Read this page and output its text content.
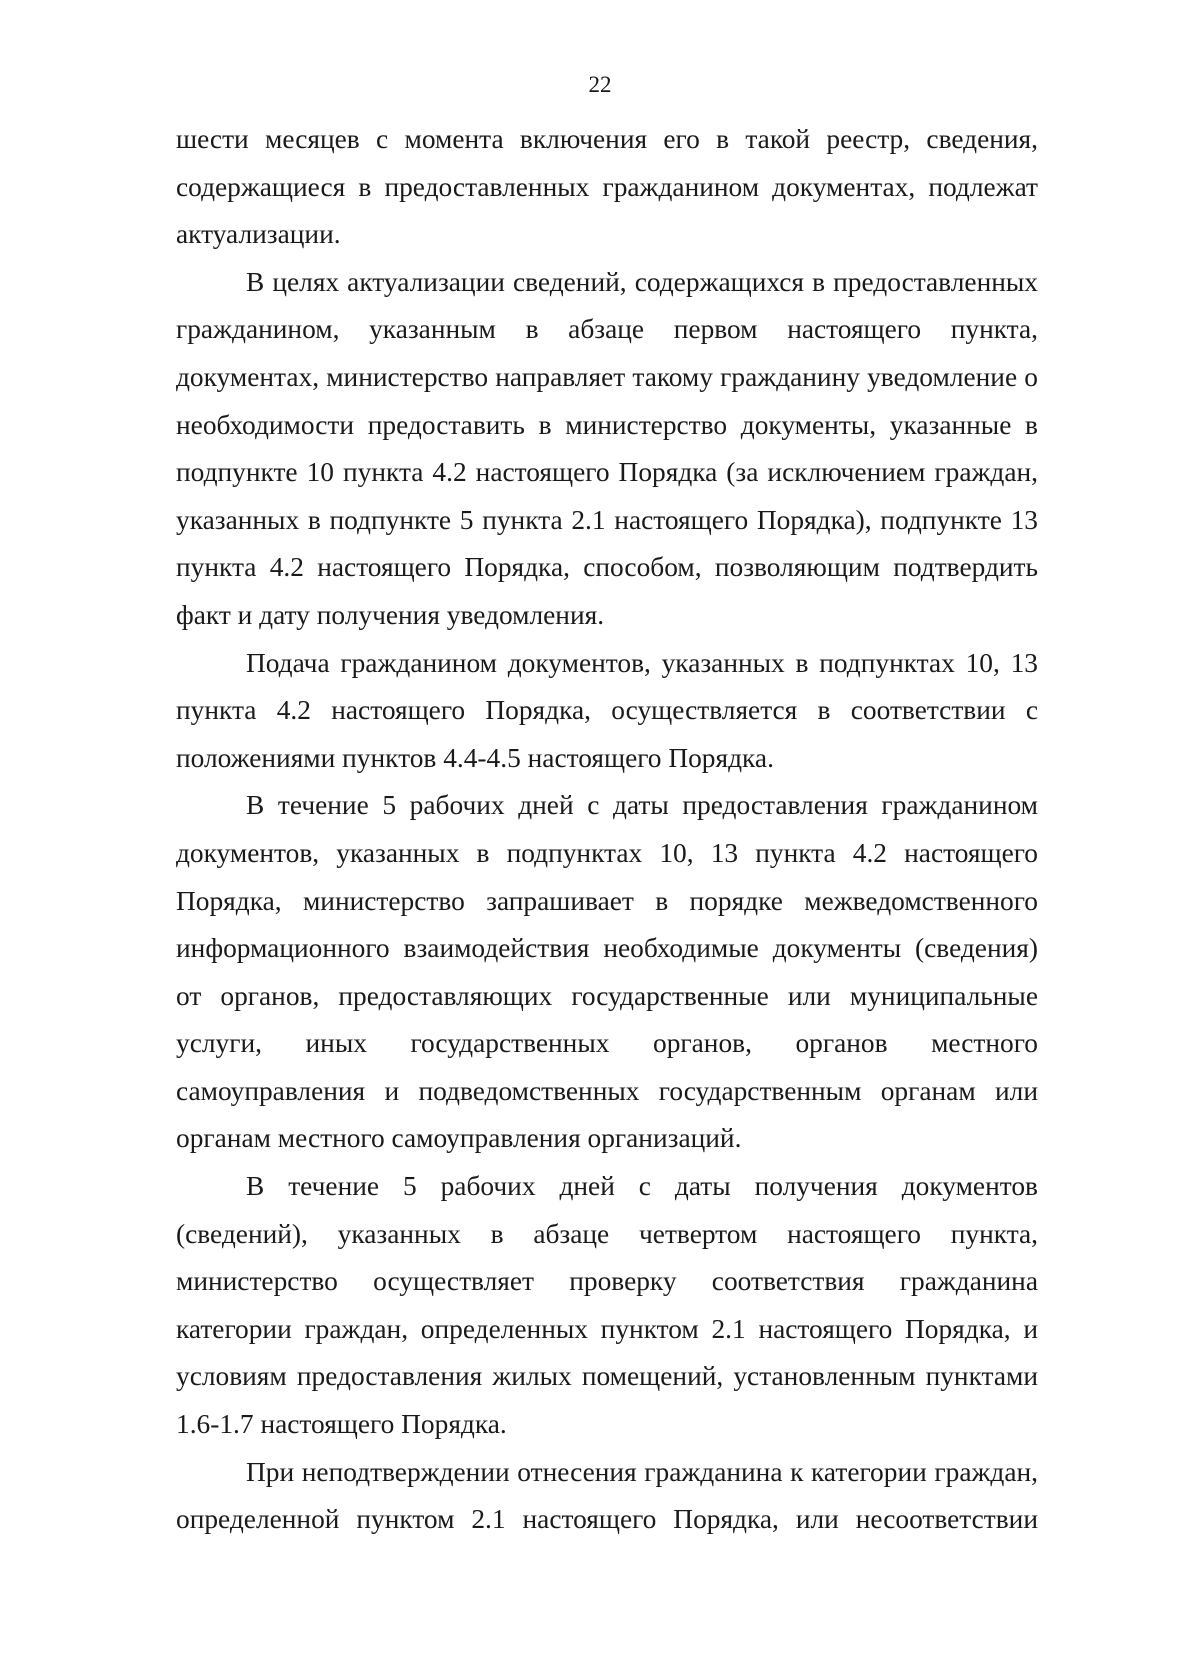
22

шести месяцев с момента включения его в такой реестр, сведения, содержащиеся в предоставленных гражданином документах, подлежат актуализации.

В целях актуализации сведений, содержащихся в предоставленных гражданином, указанным в абзаце первом настоящего пункта, документах, министерство направляет такому гражданину уведомление о необходимости предоставить в министерство документы, указанные в подпункте 10 пункта 4.2 настоящего Порядка (за исключением граждан, указанных в подпункте 5 пункта 2.1 настоящего Порядка), подпункте 13 пункта 4.2 настоящего Порядка, способом, позволяющим подтвердить факт и дату получения уведомления.

Подача гражданином документов, указанных в подпунктах 10, 13 пункта 4.2 настоящего Порядка, осуществляется в соответствии с положениями пунктов 4.4-4.5 настоящего Порядка.

В течение 5 рабочих дней с даты предоставления гражданином документов, указанных в подпунктах 10, 13 пункта 4.2 настоящего Порядка, министерство запрашивает в порядке межведомственного информационного взаимодействия необходимые документы (сведения) от органов, предоставляющих государственные или муниципальные услуги, иных государственных органов, органов местного самоуправления и подведомственных государственным органам или органам местного самоуправления организаций.

В течение 5 рабочих дней с даты получения документов (сведений), указанных в абзаце четвертом настоящего пункта, министерство осуществляет проверку соответствия гражданина категории граждан, определенных пунктом 2.1 настоящего Порядка, и условиям предоставления жилых помещений, установленным пунктами 1.6-1.7 настоящего Порядка.

При неподтверждении отнесения гражданина к категории граждан, определенной пунктом 2.1 настоящего Порядка, или несоответствии
